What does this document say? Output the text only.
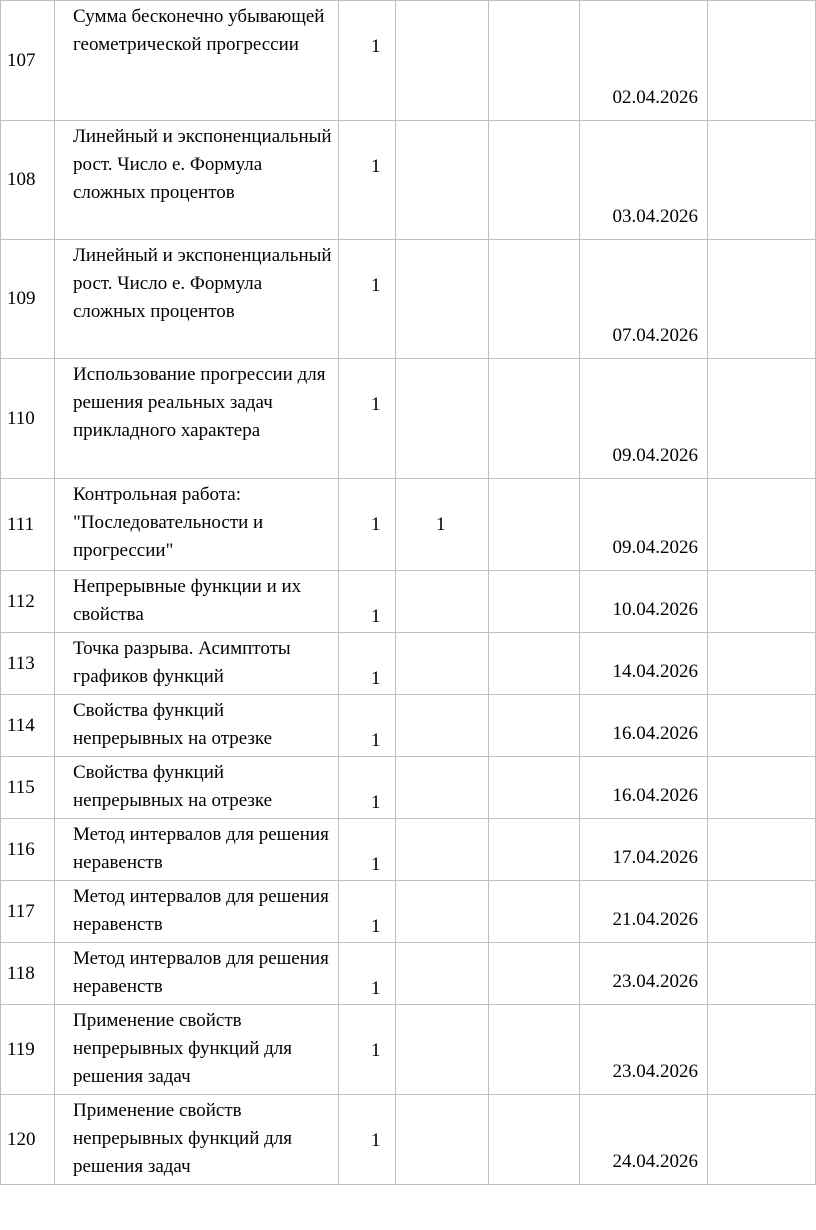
107	Сумма бесконечно убывающей геометрической прогрессии	1			02.04.2026	
108	Линейный и экспоненциальный рост. Число е. Формула сложных процентов	1			03.04.2026	
109	Линейный и экспоненциальный рост. Число е. Формула сложных процентов	1			07.04.2026	
110	Использование прогрессии для решения реальных задач прикладного характера	1			09.04.2026	
111	Контрольная работа: "Последовательности и прогрессии"	1	1		09.04.2026	
112	Непрерывные функции и их свойства	1			10.04.2026	
113	Точка разрыва. Асимптоты графиков функций	1			14.04.2026	
114	Свойства функций непрерывных на отрезке	1			16.04.2026	
115	Свойства функций непрерывных на отрезке	1			16.04.2026	
116	Метод интервалов для решения неравенств	1			17.04.2026	
117	Метод интервалов для решения неравенств	1			21.04.2026	
118	Метод интервалов для решения неравенств	1			23.04.2026	
119	Применение свойств непрерывных функций для решения задач	1			23.04.2026	
120	Применение свойств непрерывных функций для решения задач	1			24.04.2026	
